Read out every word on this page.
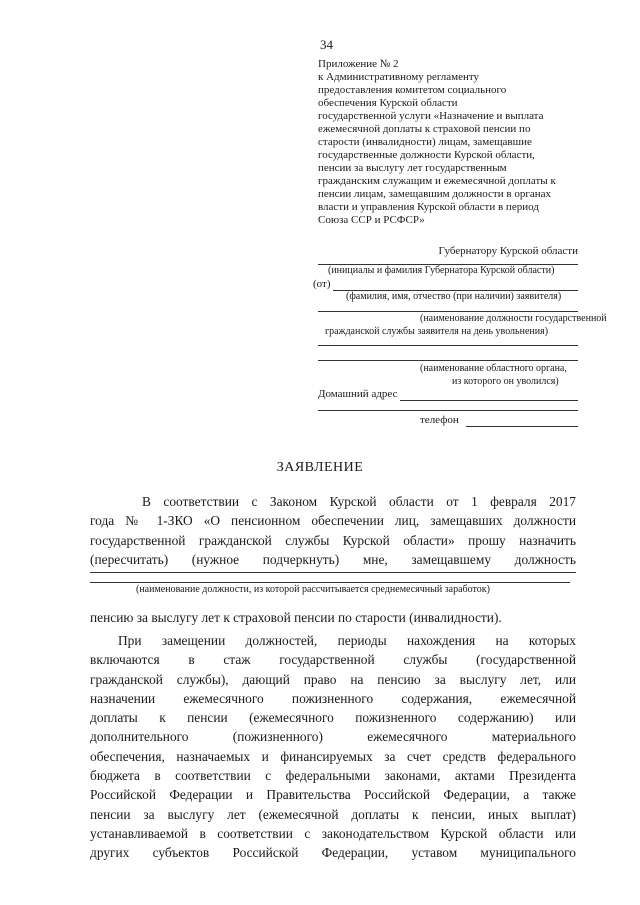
34
Приложение № 2
к Административному регламенту
предоставления комитетом социального
обеспечения Курской области
государственной услуги «Назначение и выплата
ежемесячной доплаты к страховой пенсии по
старости (инвалидности) лицам, замещавшие
государственные должности Курской области,
пенсии за выслугу лет государственным
гражданским служащим и ежемесячной доплаты к
пенсии лицам, замещавшим должности в органах
власти и управления Курской области в период
Союза ССР и РСФСР»
Губернатору Курской области
(инициалы и фамилия Губернатора Курской области)
(от)
(фамилия, имя, отчество (при наличии) заявителя)
(наименование должности государственной
гражданской службы заявителя на день увольнения)
(наименование областного органа,
из которого он уволился)
Домашний адрес
телефон
ЗАЯВЛЕНИЕ
В соответствии с Законом Курской области от 1 февраля 2017
года № 1-ЗКО «О пенсионном обеспечении лиц, замещавших должности
государственной гражданской службы Курской области» прошу назначить
(пересчитать) (нужное подчеркнуть) мне, замещавшему должность
(наименование должности, из которой рассчитывается среднемесячный заработок)
пенсию за выслугу лет к страховой пенсии по старости (инвалидности).
При замещении должностей, периоды нахождения на которых
включаются в стаж государственной службы (государственной
гражданской службы), дающий право на пенсию за выслугу лет, или
назначении ежемесячного пожизненного содержания, ежемесячной
доплаты к пенсии (ежемесячного пожизненного содержанию) или
дополнительного (пожизненного) ежемесячного материального
обеспечения, назначаемых и финансируемых за счет средств федерального
бюджета в соответствии с федеральными законами, актами Президента
Российской Федерации и Правительства Российской Федерации, а также
пенсии за выслугу лет (ежемесячной доплаты к пенсии, иных выплат)
устанавливаемой в соответствии с законодательством Курской области или
других субъектов Российской Федерации, уставом муниципального
